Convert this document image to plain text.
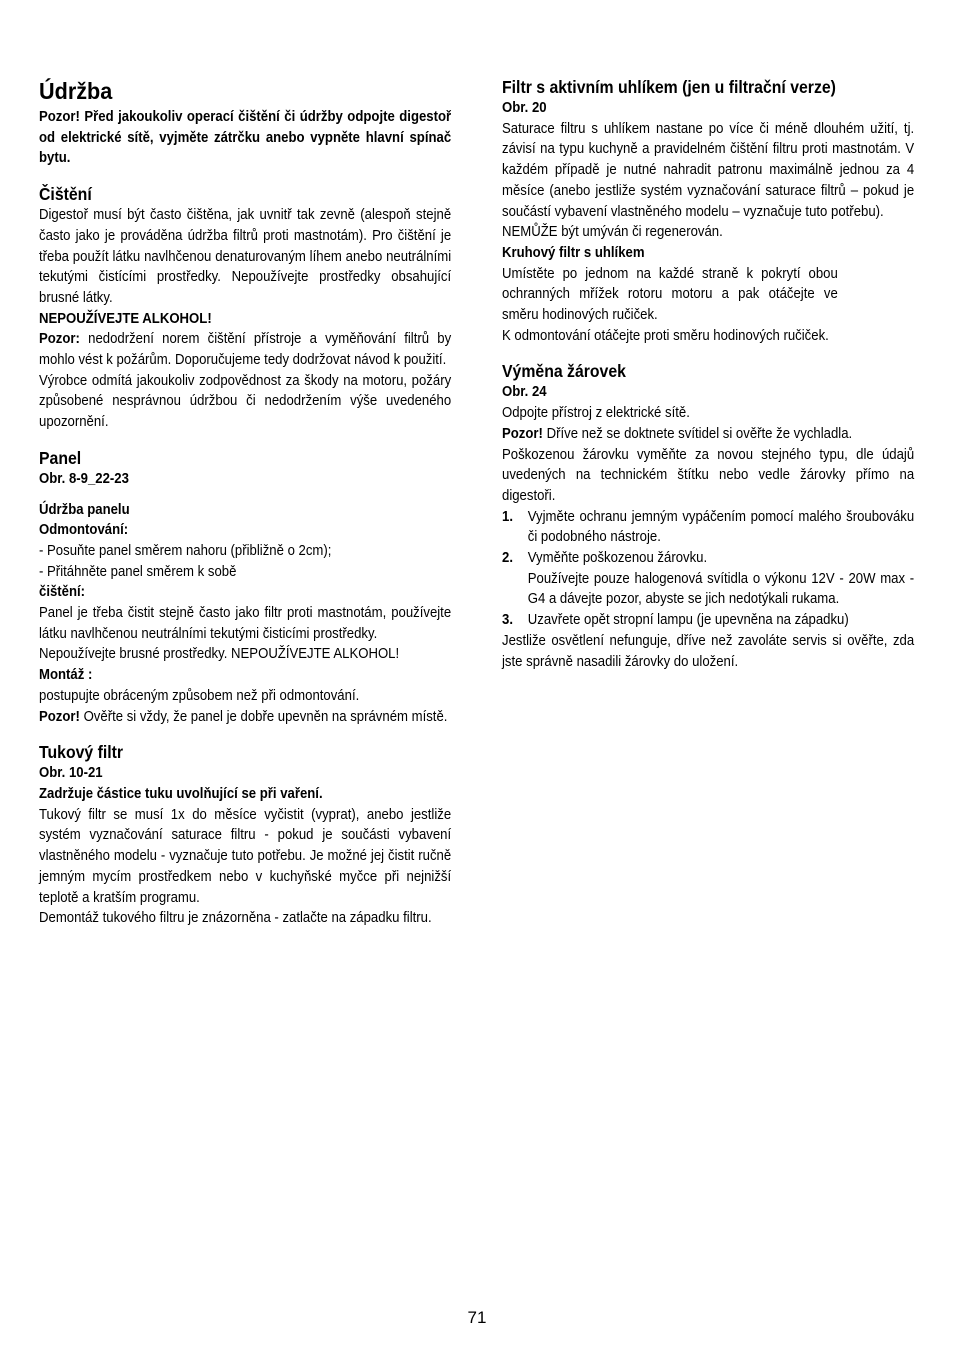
Údržba

Pozor! Před jakoukoliv operací čištění či údržby odpojte digestoř od elektrické sítě, vyjměte zátrčku anebo vypněte hlavní spínač bytu.

Čištění

Digestoř musí být často čištěna, jak uvnitř tak zevně (alespoň stejně často jako je prováděna údržba filtrů proti mastnotám). Pro čištění je třeba použít látku navlhčenou denaturovaným líhem anebo neutrálními tekutými čistícími prostředky. Nepoužívejte prostředky obsahující brusné látky.

NEPOUŽÍVEJTE ALKOHOL!

Pozor: nedodržení norem čištění přístroje a vyměňování filtrů by mohlo vést k požárům. Doporučujeme tedy dodržovat návod k použití.

Výrobce odmítá jakoukoliv zodpovědnost za škody na motoru, požáry způsobené nesprávnou údržbou či nedodržením výše uvedeného upozornění.

Panel

Obr. 8-9_22-23

Údržba panelu

Odmontování:

- Posuňte panel směrem nahoru (přibližně o 2cm);

- Přitáhněte panel směrem k sobě

čištění:

Panel je třeba čistit stejně často jako filtr proti mastnotám, používejte látku navlhčenou neutrálními tekutými čisticími prostředky.

Nepoužívejte brusné prostředky. NEPOUŽÍVEJTE ALKOHOL!

Montáž :

postupujte obráceným způsobem než při odmontování.

Pozor! Ověřte si vždy, že panel je dobře upevněn na správném místě.

Tukový filtr

Obr. 10-21

Zadržuje částice tuku uvolňující se při vaření.

Tukový filtr se musí 1x do měsíce vyčistit (vyprat), anebo jestliže systém vyznačování saturace filtru - pokud je součásti vybavení vlastněného modelu - vyznačuje tuto potřebu. Je možné jej čistit ručně jemným mycím prostředkem nebo v kuchyňské myčce při nejnižší teplotě a kratším programu.

Demontáž tukového filtru je znázorněna - zatlačte na západku filtru.

Filtr s aktivním uhlíkem (jen u filtrační verze)

Obr. 20

Saturace filtru s uhlíkem nastane po více či méně dlouhém užití, tj. závisí na typu kuchyně a pravidelném čištění filtru proti mastnotám. V každém případě je nutné nahradit patronu maximálně jednou za 4 měsíce (anebo jestliže systém vyznačování saturace filtrů – pokud je součástí vybavení vlastněného modelu – vyznačuje tuto potřebu).

NEMŮŽE být umýván či regenerován.

Kruhový filtr s uhlíkem

Umístěte po jednom na každé straně k pokrytí obou ochranných mřížek rotoru motoru a pak otáčejte ve směru hodinových ručiček.

K odmontování otáčejte proti směru hodinových ručiček.

Výměna žárovek

Obr. 24

Odpojte přístroj z elektrické sítě.

Pozor! Dříve než se doktnete svítidel si ověřte že vychladla.

Poškozenou žárovku vyměňte za novou stejného typu, dle údajů uvedených na technickém štítku nebo vedle žárovky přímo na digestoři.

1.	Vyjměte ochranu jemným vypáčením pomocí malého šroubováku či podobného nástroje.
2.	Vyměňte poškozenou žárovku.
Používejte pouze halogenová svítidla o výkonu 12V - 20W max - G4 a dávejte pozor, abyste se jich nedotýkali rukama.
3.	Uzavřete opět stropní lampu (je upevněna na západku)

Jestliže osvětlení nefunguje, dříve než zavoláte servis si ověřte, zda jste správně nasadili žárovky do uložení.

71
